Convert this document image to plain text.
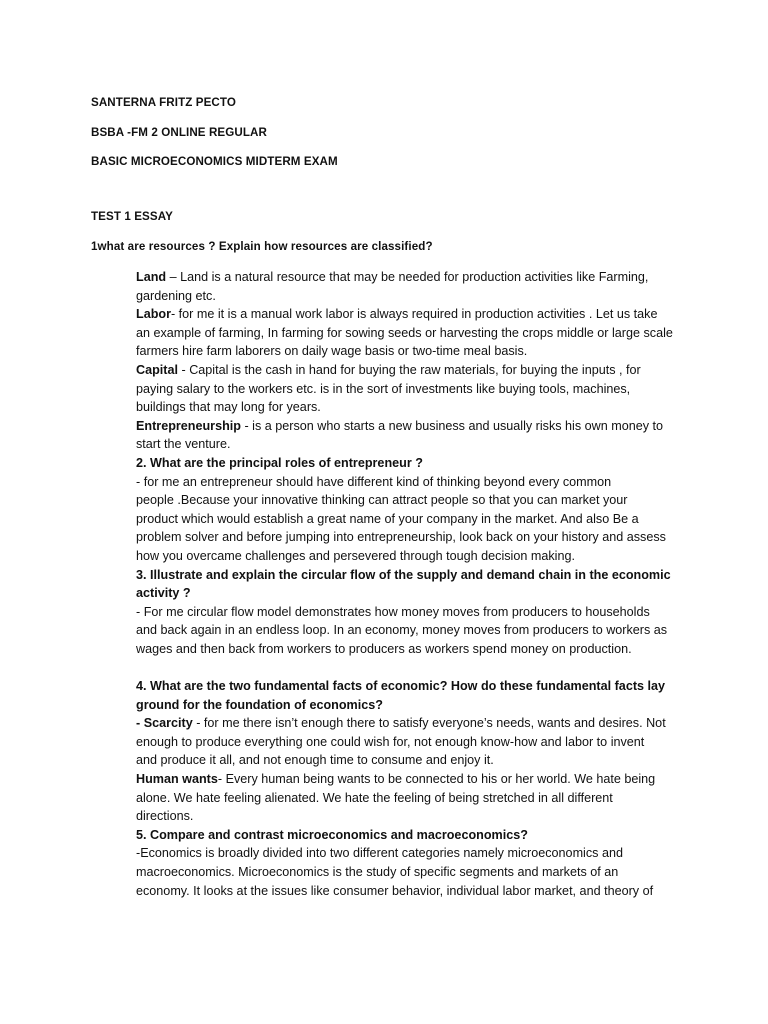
SANTERNA FRITZ PECTO
BSBA -FM 2 ONLINE REGULAR
BASIC MICROECONOMICS MIDTERM EXAM
TEST 1 ESSAY
1what are resources ? Explain how resources are classified?
Land – Land is a natural resource that may be needed for production activities like Farming,
gardening etc.
Labor- for me it is a manual work labor is always required in production activities . Let us take
an example of farming, In farming for sowing seeds or harvesting the crops middle or large scale
farmers hire farm laborers on daily wage basis or two-time meal basis.
Capital - Capital is the cash in hand for buying the raw materials, for buying the inputs , for
paying salary to the workers etc. is in the sort of investments like buying tools, machines,
buildings that may long for years.
Entrepreneurship - is a person who starts a new business and usually risks his own money to
start the venture.
2. What are the principal roles of entrepreneur ?
- for me an entrepreneur should have different kind of thinking beyond every common
people .Because your innovative thinking can attract people so that you can market your
product which would establish a great name of your company in the market. And also Be a
problem solver and before jumping into entrepreneurship, look back on your history and assess
how you overcame challenges and persevered through tough decision making.
3. Illustrate and explain the circular flow of the supply and demand chain in the economic
activity ?
- For me circular flow model demonstrates how money moves from producers to households
and back again in an endless loop. In an economy, money moves from producers to workers as
wages and then back from workers to producers as workers spend money on production.
4. What are the two fundamental facts of economic? How do these fundamental facts lay
ground for the foundation of economics?
- Scarcity - for me there isn’t enough there to satisfy everyone’s needs, wants and desires. Not
enough to produce everything one could wish for, not enough know-how and labor to invent
and produce it all, and not enough time to consume and enjoy it.
Human wants- Every human being wants to be connected to his or her world. We hate being
alone. We hate feeling alienated. We hate the feeling of being stretched in all different
directions.
5. Compare and contrast microeconomics and macroeconomics?
-Economics is broadly divided into two different categories namely microeconomics and
macroeconomics. Microeconomics is the study of specific segments and markets of an
economy. It looks at the issues like consumer behavior, individual labor market, and theory of
